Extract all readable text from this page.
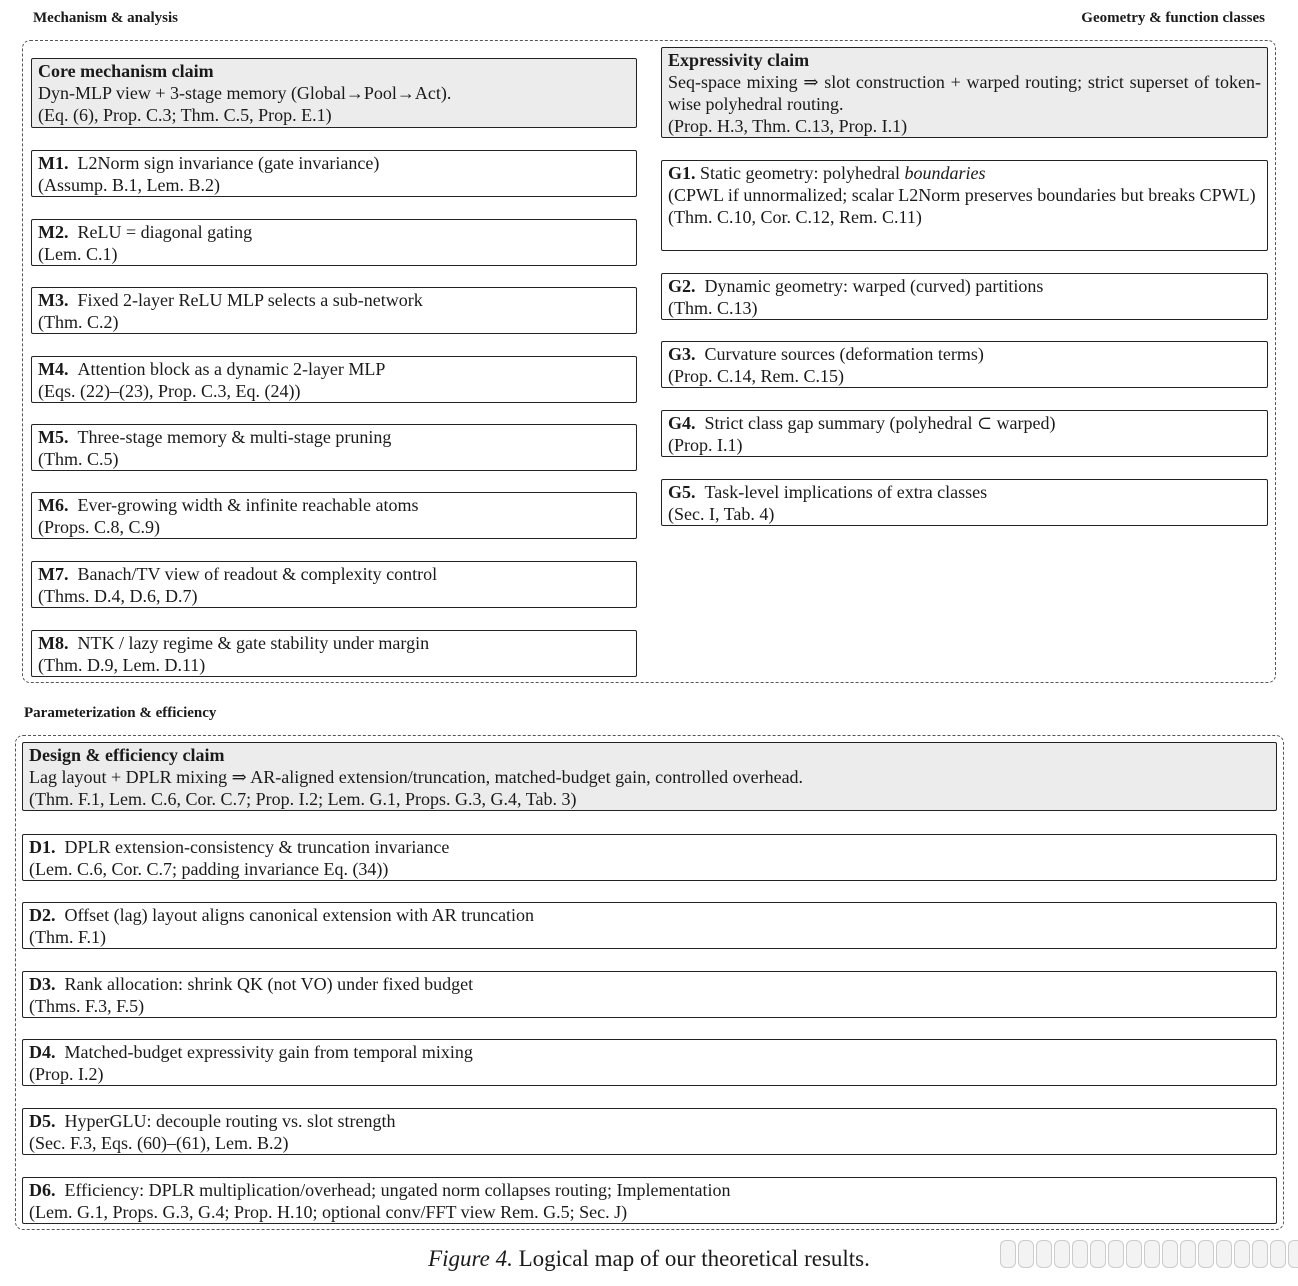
Mechanism & analysis	Geometry & function classes
Parameterization & efficiency
Core mechanism claim
Dyn-MLP view + 3-stage memory (Global→Pool→Act).
(Eq. (6), Prop. C.3; Thm. C.5, Prop. E.1)
M1. L2Norm sign invariance (gate invariance)
(Assump. B.1, Lem. B.2)
M2. ReLU = diagonal gating
(Lem. C.1)
M3. Fixed 2-layer ReLU MLP selects a sub-network
(Thm. C.2)
M4. Attention block as a dynamic 2-layer MLP
(Eqs. (22)–(23), Prop. C.3, Eq. (24))
M5. Three-stage memory & multi-stage pruning
(Thm. C.5)
M6. Ever-growing width & infinite reachable atoms
(Props. C.8, C.9)
M7. Banach/TV view of readout & complexity control
(Thms. D.4, D.6, D.7)
M8. NTK / lazy regime & gate stability under margin
(Thm. D.9, Lem. D.11)
Expressivity claim
Seq-space mixing ⇒ slot construction + warped routing; strict superset of token-wise polyhedral routing.
(Prop. H.3, Thm. C.13, Prop. I.1)
G1. Static geometry: polyhedral boundaries
(CPWL if unnormalized; scalar L2Norm preserves boundaries but breaks CPWL)
(Thm. C.10, Cor. C.12, Rem. C.11)
G2. Dynamic geometry: warped (curved) partitions
(Thm. C.13)
G3. Curvature sources (deformation terms)
(Prop. C.14, Rem. C.15)
G4. Strict class gap summary (polyhedral ⊂ warped)
(Prop. I.1)
G5. Task-level implications of extra classes
(Sec. I, Tab. 4)
Design & efficiency claim
Lag layout + DPLR mixing ⇒ AR-aligned extension/truncation, matched-budget gain, controlled overhead.
(Thm. F.1, Lem. C.6, Cor. C.7; Prop. I.2; Lem. G.1, Props. G.3, G.4, Tab. 3)
D1. DPLR extension-consistency & truncation invariance
(Lem. C.6, Cor. C.7; padding invariance Eq. (34))
D2. Offset (lag) layout aligns canonical extension with AR truncation
(Thm. F.1)
D3. Rank allocation: shrink QK (not VO) under fixed budget
(Thms. F.3, F.5)
D4. Matched-budget expressivity gain from temporal mixing
(Prop. I.2)
D5. HyperGLU: decouple routing vs. slot strength
(Sec. F.3, Eqs. (60)–(61), Lem. B.2)
D6. Efficiency: DPLR multiplication/overhead; ungated norm collapses routing; Implementation
(Lem. G.1, Props. G.3, G.4; Prop. H.10; optional conv/FFT view Rem. G.5; Sec. J)
Figure 4. Logical map of our theoretical results.
